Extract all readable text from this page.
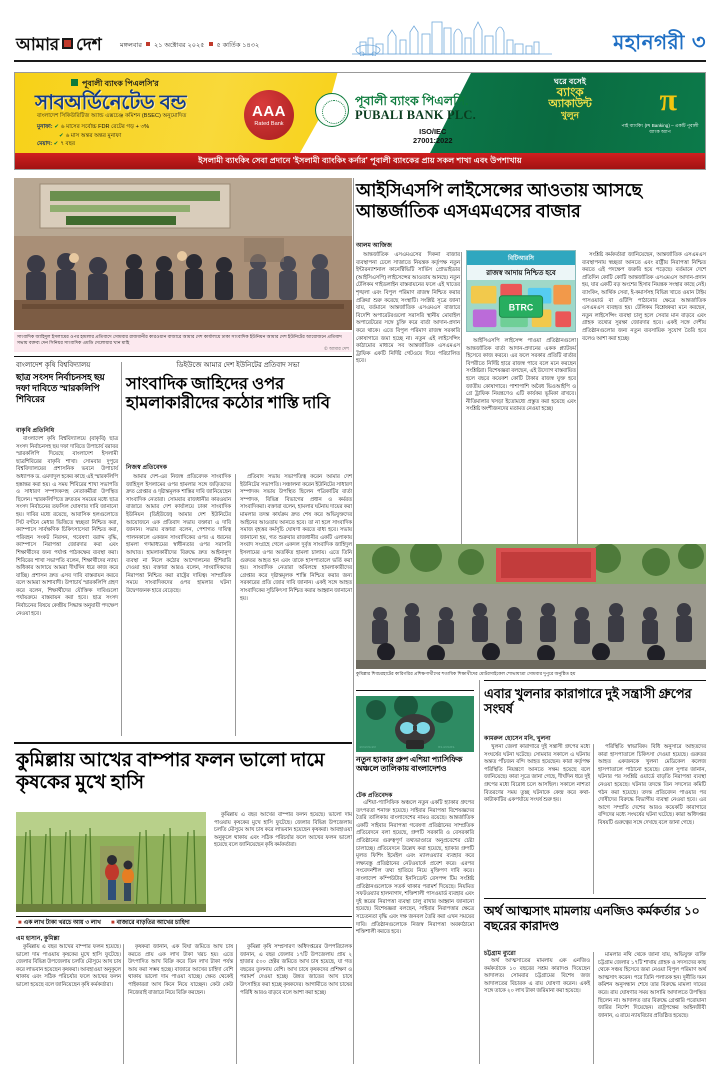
আমার দেশ	মঙ্গলবার ২১ অক্টোবর ২০২৫ ৫ কার্তিক ১৪৩২	মহানগরী ৩
পূবালী ব্যাংক পিএলসি'র
সাবঅর্ডিনেটেড বন্ড
বাংলাদেশ সিকিউরিটিজ অ্যান্ড এক্সচেঞ্জ কমিশন (BSEC) অনুমোদিত
মুনাফা: ✔ ৬ মাসের সর্বোচ্চ FDR রেটের গড় + ৩%
✔ ৬ মাস অন্তর অন্তর মুনাফা
মেয়াদ: ✔ ৭ বছর
AAA
Rated Bank
পূবালী ব্যাংক পিএলসি.
PUBALI BANK PLC.
ISO/IEC
27001:2022
ঘরে বসেই
ব্যাংক
অ্যাকাউন্ট
খুলুন	π
পাই ব্যাংকিং (PI Banking) – একটি পূবালী ব্যাংক অ্যাপ
ইসলামী ব্যাংকিং সেবা প্রদানে 'ইসলামী ব্যাংকিং কর্নার' পূবালী ব্যাংকের প্রায় সকল শাখা এবং উপশাখায়
সাংবাদিক জাহিদুল ইসলামের ওপর হামলার প্রতিবাদে সোমবার রাজধানীর কারওয়ান বাজারে আমার দেশ কার্যালয়ে ঢাকা সাংবাদিক ইউনিয়ন আমার দেশ ইউনিটের আয়োজনে প্রতিবাদ সভায় বক্তব্য দেন সিনিয়র সাংবাদিক এমডি দেলোয়ার খান মাহি
© আমার দেশ
আইসিএসপি লাইসেন্সের আওতায় আসছে আন্তর্জাতিক এসএমএসের বাজার
আলম আজিজ

আন্তর্জাতিক এসএমএসের দিকনা বাজার ব্যবস্থাপনা ঢেলে সাজাতে নিয়ন্ত্রক কর্তৃপক্ষ নতুন ইন্টারন্যাশনাল কানেক্টিভিটি সার্ভিস প্রোভাইডার (আইসিএসপি) লাইসেন্সের আওতায় আনছে। নতুন টেলিকম গাইডলাইন বাস্তবায়নের ফলে এই খাতের শৃঙ্খলা এবং বিপুল পরিমাণ রাজস্ব নিশ্চিত করার প্রক্রিয়া শুরু করেছে সংস্থাটি। সংশ্লিষ্ট সূত্রে জানা যায়, বর্তমানে আন্তর্জাতিক এসএমএস বাজারে বিদেশি অপারেটরগুলো সরাসরি স্থানীয় মোবাইল অপারেটরের সঙ্গে চুক্তি করে বার্তা আদান-প্রদান করে থাকে। এতে বিপুল পরিমাণ রাজস্ব সরকারি কোষাগারে জমা হচ্ছে না। নতুন এই লাইসেন্সিং কাঠামোর মাধ্যমে সব আন্তর্জাতিক এসএমএস ট্রাফিক একটি নির্দিষ্ট গেটওয়ে দিয়ে পরিচালিত হবে।

বিটিআরসি
রাজস্ব আদায় নিশ্চিত হবে
BTRC

আইসিএসপি লাইসেন্স পাওয়া প্রতিষ্ঠানগুলো আন্তর্জাতিক বার্তা আদান-প্রদানের একক প্ল্যাটফর্ম হিসেবে কাজ করবে। এর ফলে সরকার প্রতিটি বার্তার বিপরীতে নির্দিষ্ট হারে রাজস্ব পাবে বলে মনে করছেন সংশ্লিষ্টরা। বিশেষজ্ঞরা বলছেন, এই উদ্যোগ বাস্তবায়িত হলে বছরে কয়েকশ কোটি টাকার রাজস্ব যুক্ত হবে জাতীয় কোষাগারে। পাশাপাশি অবৈধ ভিওআইপি ও গ্রে ট্রাফিক নিয়ন্ত্রণেও এটি কার্যকর ভূমিকা রাখবে। নীতিমালার খসড়া ইতোমধ্যে প্রস্তুত করা হয়েছে এবং সংশ্লিষ্ট অংশীজনদের মতামত নেওয়া হচ্ছে।

সংশ্লিষ্ট কর্মকর্তারা জানিয়েছেন, আন্তর্জাতিক এসএমএস ব্যবস্থাপনায় স্বচ্ছতা আনতে এবং রাষ্ট্রীয় নিরাপত্তা নিশ্চিত করতে এই পদক্ষেপ জরুরি হয়ে পড়েছে। বর্তমানে দেশে প্রতিদিন কোটি কোটি আন্তর্জাতিক এসএমএস আদান-প্রদান হয়, যার একটি বড় অংশের হিসাব নিয়ন্ত্রক সংস্থার কাছে নেই। ব্যাংকিং, আর্থিক সেবা, ই-কমার্সসহ বিভিন্ন খাতে ওয়ান টাইম পাসওয়ার্ড বা ওটিপি পাঠানোর ক্ষেত্রে আন্তর্জাতিক এসএমএস ব্যবহৃত হয়। টেলিকম বিশ্লেষকরা মনে করছেন, নতুন লাইসেন্সিং ব্যবস্থা চালু হলে সেবার মান বাড়বে এবং গ্রাহক তথ্যের সুরক্ষা জোরদার হবে। একই সঙ্গে দেশীয় প্রতিষ্ঠানগুলোর জন্য নতুন ব্যবসায়িক সুযোগ তৈরি হবে বলেও আশা করা হচ্ছে।

বাংলাদেশ কৃষি বিশ্ববিদ্যালয়
ছাত্র সংসদ নির্বাচনসহ ছয় দফা দাবিতে স্মারকলিপি শিবিরের
বাকৃবি প্রতিনিধি

বাংলাদেশ কৃষি বিশ্ববিদ্যালয়ে (বাকৃবি) ছাত্র সংসদ নির্বাচনসহ ছয় দফা দাবিতে উপাচার্য বরাবর স্মারকলিপি দিয়েছে বাংলাদেশ ইসলামী ছাত্রশিবিরের বাকৃবি শাখা। সোমবার দুপুরে বিশ্ববিদ্যালয়ের প্রশাসনিক ভবনে উপাচার্য অধ্যাপক ড. এমদাদুল হকের কাছে এই স্মারকলিপি হস্তান্তর করা হয়। এ সময় শিবিরের শাখা সভাপতি ও সাধারণ সম্পাদকসহ নেতাকর্মীরা উপস্থিত ছিলেন। স্মারকলিপিতে দ্রুততম সময়ের মধ্যে ছাত্র সংসদ নির্বাচনের তফসিল ঘোষণার দাবি জানানো হয়। দাবির মধ্যে রয়েছে, আবাসিক হলগুলোতে সিট বণ্টনে মেধার ভিত্তিতে স্বচ্ছতা নিশ্চিত করা, ক্যাম্পাসে সার্বক্ষণিক চিকিৎসাসেবা নিশ্চিত করা, পরিবহন সংকট নিরসন, গবেষণা বরাদ্দ বৃদ্ধি, ক্যাম্পাসে নিরাপত্তা জোরদার করা এবং শিক্ষার্থীদের জন্য পর্যাপ্ত পাঠকক্ষের ব্যবস্থা করা। শিবিরের শাখা সভাপতি বলেন, শিক্ষার্থীদের ন্যায্য অধিকার আদায়ে আমরা দীর্ঘদিন ধরে কাজ করে যাচ্ছি। প্রশাসন দ্রুত এসব দাবি বাস্তবায়ন করবে বলে আমরা আশাবাদী। উপাচার্য স্মারকলিপি গ্রহণ করে বলেন, শিক্ষার্থীদের যৌক্তিক দাবিগুলো পর্যায়ক্রমে বাস্তবায়ন করা হবে। ছাত্র সংসদ নির্বাচনের বিষয়ে কেন্দ্রীয় সিদ্ধান্ত অনুযায়ী পদক্ষেপ নেওয়া হবে।

ডিইউজে আমার দেশ ইউনিটের প্রতিবাদ সভা
সাংবাদিক জাহিদের ওপর হামলাকারীদের কঠোর শাস্তি দাবি
নিজস্ব প্রতিবেদক

আমার দেশ-এর নিজস্ব প্রতিবেদক সাংবাদিক জাহিদুল ইসলামের ওপর হামলার সঙ্গে জড়িতদের দ্রুত গ্রেপ্তার ও দৃষ্টান্তমূলক শাস্তির দাবি জানিয়েছেন সাংবাদিক নেতারা। সোমবার রাজধানীর কারওয়ান বাজারে আমার দেশ কার্যালয়ে ঢাকা সাংবাদিক ইউনিয়ন (ডিইউজে) আমার দেশ ইউনিটের আয়োজনে এক প্রতিবাদ সভায় বক্তারা এ দাবি জানান। সভায় বক্তারা বলেন, পেশাগত দায়িত্ব পালনকালে একজন সাংবাদিকের ওপর এ ধরনের হামলা গণমাধ্যমের স্বাধীনতার ওপর সরাসরি আঘাত। হামলাকারীদের বিরুদ্ধে দ্রুত আইনানুগ ব্যবস্থা না নিলে কঠোর আন্দোলনের হুঁশিয়ারি দেওয়া হয়। বক্তারা আরও বলেন, সাংবাদিকদের নিরাপত্তা নিশ্চিত করা রাষ্ট্রের দায়িত্ব। সাম্প্রতিক সময়ে সাংবাদিকদের ওপর হামলার ঘটনা উদ্বেগজনক হারে বেড়েছে।

প্রতিবাদ সভায় সভাপতিত্ব করেন আমার দেশ ইউনিটের সভাপতি। সঞ্চালনা করেন ইউনিটের সাধারণ সম্পাদক। সভায় উপস্থিত ছিলেন পত্রিকাটির বার্তা সম্পাদক, বিভিন্ন বিভাগের প্রধান ও কর্মরত সাংবাদিকরা। বক্তারা বলেন, হামলার ঘটনায় দায়ের করা মামলার তদন্ত কার্যক্রম দ্রুত শেষ করে অভিযুক্তদের আইনের আওতায় আনতে হবে। তা না হলে সাংবাদিক সমাজ বৃহত্তর কর্মসূচি ঘোষণা করতে বাধ্য হবে। সভায় জানানো হয়, গত শুক্রবার রাজধানীর একটি এলাকায় সংবাদ সংগ্রহে গেলে একদল দুর্বৃত্ত সাংবাদিক জাহিদুল ইসলামের ওপর অতর্কিত হামলা চালায়। এতে তিনি গুরুতর আহত হন এবং তাকে হাসপাতালে ভর্তি করা হয়। সাংবাদিক নেতারা অবিলম্বে হামলাকারীদের গ্রেপ্তার করে দৃষ্টান্তমূলক শাস্তি নিশ্চিত করার জন্য সরকারের প্রতি জোর দাবি জানান। একই সঙ্গে আহত সাংবাদিকের সুচিকিৎসা নিশ্চিত করার আহ্বান জানানো হয়।

কুমিল্লার শিবচরহাটের কারিগরির প্রশিক্ষণার্থীদের শতাধিক শিক্ষার্থীদের মোটরসাইকেল শোভাযাত্রা সোমবার দুপুরে অনুষ্ঠিত হয়
কুমিল্লায় আখের বাম্পার ফলন ভালো দামে কৃষকের মুখে হাসি

কুমিল্লায় এ বছর আখের বাম্পার ফলন হয়েছে। ভালো দাম পাওয়ায় কৃষকের মুখে হাসি ফুটেছে। জেলার বিভিন্ন উপজেলায় চলতি মৌসুমে আখ চাষ করে লাভবান হয়েছেন কৃষকরা। আবহাওয়া অনুকূলে থাকায় এবং সঠিক পরিচর্যার ফলে আখের ফলন ভালো হয়েছে বলে জানিয়েছেন কৃষি কর্মকর্তারা।

■ এক লাখ টাকা খরচে আয় ৩ লাখ ■ বাজারে বাড়তির আখের চাহিদা
এম হাসান, কুমিল্লা

কুমিল্লায় এ বছর আখের বাম্পার ফলন হয়েছে। ভালো দাম পাওয়ায় কৃষকের মুখে হাসি ফুটেছে। জেলার বিভিন্ন উপজেলায় চলতি মৌসুমে আখ চাষ করে লাভবান হয়েছেন কৃষকরা। আবহাওয়া অনুকূলে থাকায় এবং সঠিক পরিচর্যার ফলে আখের ফলন ভালো হয়েছে বলে জানিয়েছেন কৃষি কর্মকর্তারা।

কৃষকরা জানান, এক বিঘা জমিতে আখ চাষ করতে প্রায় এক লাখ টাকা খরচ হয়। এতে উৎপাদিত আখ বিক্রি করে তিন লাখ টাকা পর্যন্ত আয় করা সম্ভব হচ্ছে। বাজারে আখের চাহিদা বেশি থাকায় ভালো দাম পাওয়া যাচ্ছে। ক্ষেত থেকেই পাইকাররা আখ কিনে নিয়ে যাচ্ছেন। কেউ কেউ নিজেরাই বাজারে নিয়ে বিক্রি করছেন।

কুমিল্লা কৃষি সম্প্রসারণ অধিদপ্তরের উপপরিচালক জানান, এ বছর জেলার ১৭টি উপজেলায় প্রায় ২ হাজার ৫০০ হেক্টর জমিতে আখ চাষ হয়েছে, যা গত বছরের তুলনায় বেশি। আখ চাষে কৃষকদের প্রশিক্ষণ ও পরামর্শ দেওয়া হচ্ছে। উন্নত জাতের আখ চাষে উৎসাহিত করা হচ্ছে কৃষকদের। আগামীতে আখ চাষের পরিধি আরও বাড়বে বলে আশা করা হচ্ছে।

1010110	0110101
নতুন হ্যাকার গ্রুপ এশিয়া প্যাসিফিক অঞ্চলে তালিকায় বাংলাদেশও
টেক প্রতিবেদক

এশিয়া-প্যাসিফিক অঞ্চলে নতুন একটি হ্যাকার গ্রুপের তৎপরতা শনাক্ত হয়েছে। সাইবার নিরাপত্তা বিশেষজ্ঞদের তৈরি তালিকায় বাংলাদেশের নামও রয়েছে। আন্তর্জাতিক একটি সাইবার নিরাপত্তা গবেষণা প্রতিষ্ঠানের সাম্প্রতিক প্রতিবেদনে বলা হয়েছে, গ্রুপটি সরকারি ও বেসরকারি প্রতিষ্ঠানের গুরুত্বপূর্ণ তথ্যভাণ্ডারে অনুপ্রবেশের চেষ্টা চালাচ্ছে। প্রতিবেদনে উল্লেখ করা হয়েছে, হ্যাকার গ্রুপটি মূলত ফিশিং ইমেইল এবং ম্যালওয়্যার ব্যবহার করে লক্ষ্যবস্তু প্রতিষ্ঠানের নেটওয়ার্কে প্রবেশ করে। এরপর সংবেদনশীল তথ্য হাতিয়ে নিয়ে মুক্তিপণ দাবি করে। বাংলাদেশ কম্পিউটার ইনসিডেন্ট রেসপন্স টিম সংশ্লিষ্ট প্রতিষ্ঠানগুলোকে সতর্ক থাকার পরামর্শ দিয়েছে। নিয়মিত সফটওয়্যার হালনাগাদ, শক্তিশালী পাসওয়ার্ড ব্যবহার এবং দুই স্তরের নিরাপত্তা ব্যবস্থা চালু রাখার আহ্বান জানানো হয়েছে। বিশেষজ্ঞরা বলছেন, সাইবার নিরাপত্তার ক্ষেত্রে সচেতনতা বৃদ্ধি এবং দক্ষ জনবল তৈরি করা এখন সময়ের দাবি। প্রতিষ্ঠানগুলোকে নিজস্ব নিরাপত্তা অবকাঠামো শক্তিশালী করতে হবে।

এবার খুলনার কারাগারে দুই সন্ত্রাসী গ্রুপের সংঘর্ষ
কামরুল হোসেন মনি, খুলনা

খুলনা জেলা কারাগারে দুই সন্ত্রাসী গ্রুপের মধ্যে সংঘর্ষের ঘটনা ঘটেছে। সোমবার সকালে এ ঘটনায় অন্তত পাঁচজন বন্দি আহত হয়েছেন। কারা কর্তৃপক্ষ পরিস্থিতি নিয়ন্ত্রণে আনতে সক্ষম হয়েছে বলে জানিয়েছে। কারা সূত্রে জানা গেছে, দীর্ঘদিন ধরে দুই গ্রুপের মধ্যে বিরোধ চলে আসছিল। সকালে নাশতা বিতরণের সময় তুচ্ছ ঘটনাকে কেন্দ্র করে কথা-কাটাকাটির একপর্যায়ে সংঘর্ষ শুরু হয়।

পরিস্থিতি স্বাভাবিক। বিধি অনুসারে আহতদের কারা হাসপাতালে চিকিৎসা দেওয়া হয়েছে। গুরুতর আহত একজনকে খুলনা মেডিকেল কলেজ হাসপাতালে পাঠানো হয়েছে। জেল সুপার জানান, ঘটনার পর সংশ্লিষ্ট ওয়ার্ডে বাড়তি নিরাপত্তা ব্যবস্থা নেওয়া হয়েছে। ঘটনার তদন্তে তিন সদস্যের কমিটি গঠন করা হয়েছে। তদন্ত প্রতিবেদন পাওয়ার পর দোষীদের বিরুদ্ধে বিভাগীয় ব্যবস্থা নেওয়া হবে। এর আগে সম্প্রতি দেশের আরও কয়েকটি কারাগারে বন্দিদের মধ্যে সংঘর্ষের ঘটনা ঘটেছে। কারা অধিদপ্তর বিষয়টি গুরুত্বের সঙ্গে দেখছে বলে জানা গেছে।

অর্থ আত্মসাৎ মামলায় এনজিও কর্মকর্তার ১০ বছরের কারাদণ্ড
চট্টগ্রাম ব্যুরো

অর্থ আত্মসাতের মামলায় এক এনজিও কর্মকর্তাকে ১০ বছরের সশ্রম কারাদণ্ড দিয়েছেন আদালত। সোমবার চট্টগ্রামের বিশেষ জজ আদালতের বিচারক এ রায় ঘোষণা করেন। একই সঙ্গে তাকে ২০ লাখ টাকা জরিমানা করা হয়েছে।

মামলার নথি থেকে জানা যায়, অভিযুক্ত ব্যক্তি চট্টগ্রাম জেলার ১৭টি শাখায় গ্রাহক ও সদস্যদের কাছ থেকে সঞ্চয় হিসেবে জমা নেওয়া বিপুল পরিমাণ অর্থ আত্মসাৎ করেন। পরে তিনি পলাতক হন। দুর্নীতি দমন কমিশন অনুসন্ধান শেষে তার বিরুদ্ধে মামলা দায়ের করে। রায় ঘোষণার সময় আসামি আদালতে উপস্থিত ছিলেন না। আদালত তার বিরুদ্ধে গ্রেপ্তারি পরোয়ানা জারির নির্দেশ দিয়েছেন। রাষ্ট্রপক্ষের আইনজীবী জানান, এ রায়ে ন্যায়বিচার প্রতিষ্ঠিত হয়েছে।
